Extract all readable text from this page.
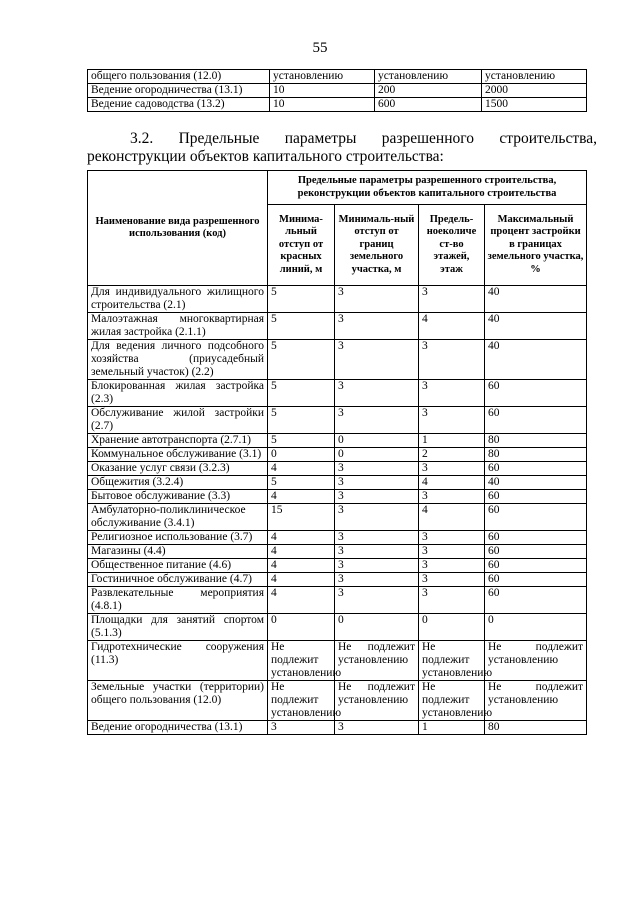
55
общего пользования (12.0)	установлению	установлению	установлению
Ведение огородничества (13.1)	10	200	2000
Ведение садоводства (13.2)	10	600	1500
3.2. Предельные параметры разрешенного строительства,
реконструкции объектов капитального строительства:
Наименование вида разрешенного использования (код)	Предельные параметры разрешенного строительства, реконструкции объектов капитального строительства			
	Минима-льный отступ от красных линий, м	Минималь-ный отступ от границ земельного участка, м	Предель-ноеколиче ст-во этажей, этаж	Максимальный процент застройки в границах земельного участка, %
Для индивидуального жилищного строительства (2.1)	5	3	3	40
Малоэтажная многоквартирная жилая застройка (2.1.1)	5	3	4	40
Для ведения личного подсобного хозяйства (приусадебный земельный участок) (2.2)	5	3	3	40
Блокированная жилая застройка (2.3)	5	3	3	60
Обслуживание жилой застройки (2.7)	5	3	3	60
Хранение автотранспорта (2.7.1)	5	0	1	80
Коммунальное обслуживание (3.1)	0	0	2	80
Оказание услуг связи (3.2.3)	4	3	3	60
Общежития (3.2.4)	5	3	4	40
Бытовое обслуживание (3.3)	4	3	3	60
Амбулаторно-поликлиническое обслуживание (3.4.1)	15	3	4	60
Религиозное использование (3.7)	4	3	3	60
Магазины (4.4)	4	3	3	60
Общественное питание (4.6)	4	3	3	60
Гостиничное обслуживание (4.7)	4	3	3	60
Развлекательные мероприятия (4.8.1)	4	3	3	60
Площадки для занятий спортом (5.1.3)	0	0	0	0
Гидротехнические сооружения (11.3)	Не подлежит установлению	Не подлежит установлению	Не подлежит установлению	Не подлежит установлению
Земельные участки (территории) общего пользования (12.0)	Не подлежит установлению	Не подлежит установлению	Не подлежит установлению	Не подлежит установлению
Ведение огородничества (13.1)	3	3	1	80
